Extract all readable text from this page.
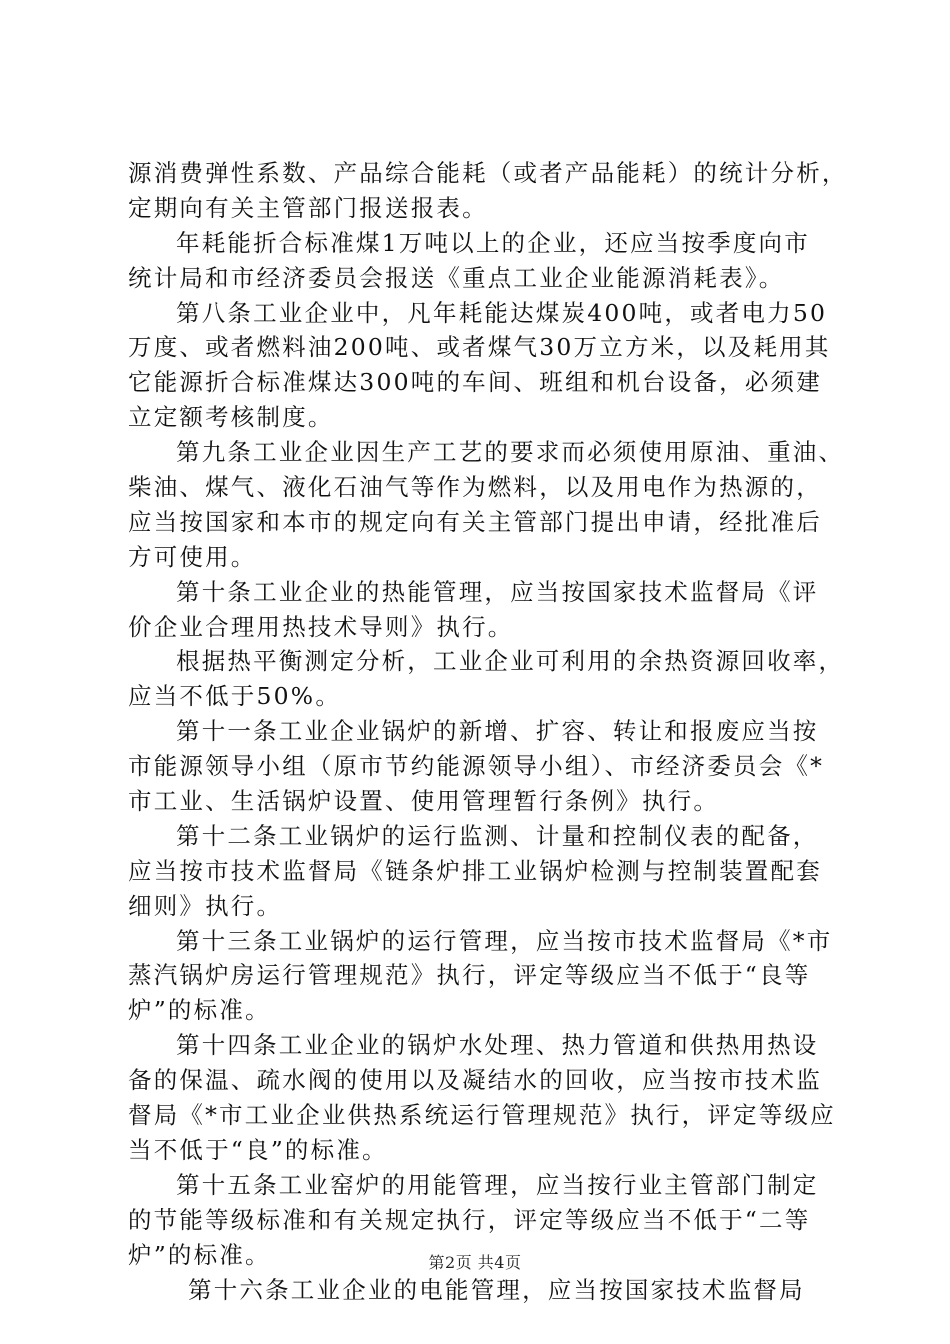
源消费弹性系数、产品综合能耗（或者产品能耗）的统计分析，
定期向有关主管部门报送报表。
年耗能折合标准煤1万吨以上的企业，还应当按季度向市
统计局和市经济委员会报送《重点工业企业能源消耗表》。
第八条工业企业中，凡年耗能达煤炭400吨，或者电力50
万度、或者燃料油200吨、或者煤气30万立方米，以及耗用其
它能源折合标准煤达300吨的车间、班组和机台设备，必须建
立定额考核制度。
第九条工业企业因生产工艺的要求而必须使用原油、重油、
柴油、煤气、液化石油气等作为燃料，以及用电作为热源的，
应当按国家和本市的规定向有关主管部门提出申请，经批准后
方可使用。
第十条工业企业的热能管理，应当按国家技术监督局《评
价企业合理用热技术导则》执行。
根据热平衡测定分析，工业企业可利用的余热资源回收率，
应当不低于50%。
第十一条工业企业锅炉的新增、扩容、转让和报废应当按
市能源领导小组（原市节约能源领导小组）、市经济委员会《*
市工业、生活锅炉设置、使用管理暂行条例》执行。
第十二条工业锅炉的运行监测、计量和控制仪表的配备，
应当按市技术监督局《链条炉排工业锅炉检测与控制装置配套
细则》执行。
第十三条工业锅炉的运行管理，应当按市技术监督局《*市
蒸汽锅炉房运行管理规范》执行，评定等级应当不低于“良等
炉”的标准。
第十四条工业企业的锅炉水处理、热力管道和供热用热设
备的保温、疏水阀的使用以及凝结水的回收，应当按市技术监
督局《*市工业企业供热系统运行管理规范》执行，评定等级应
当不低于“良”的标准。
第十五条工业窑炉的用能管理，应当按行业主管部门制定
的节能等级标准和有关规定执行，评定等级应当不低于“二等
炉”的标准。
第十六条工业企业的电能管理，应当按国家技术监督局
第2页 共4页
